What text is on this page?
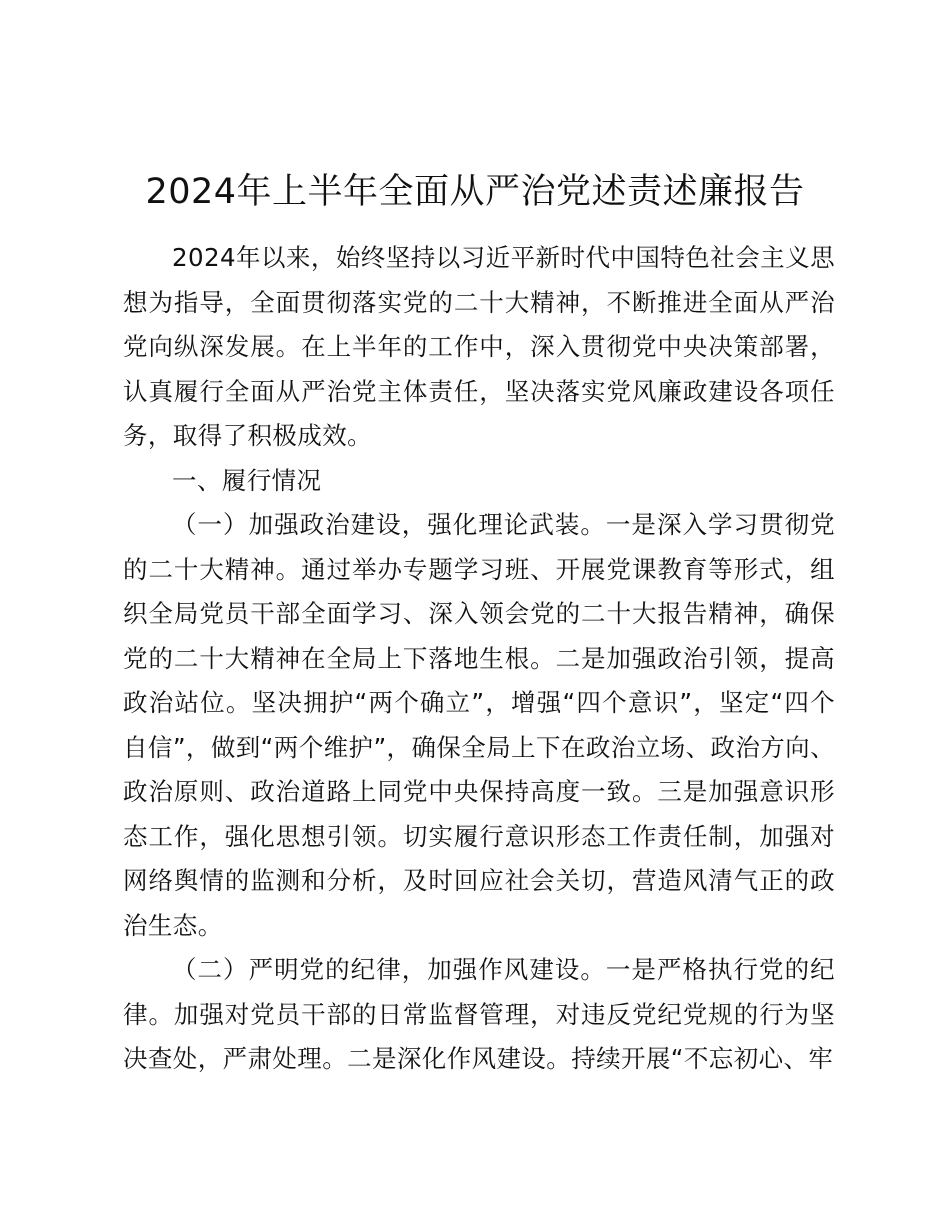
2024年上半年全面从严治党述责述廉报告

2024年以来，始终坚持以习近平新时代中国特色社会主义思想为指导，全面贯彻落实党的二十大精神，不断推进全面从严治党向纵深发展。在上半年的工作中，深入贯彻党中央决策部署，认真履行全面从严治党主体责任，坚决落实党风廉政建设各项任务，取得了积极成效。

一、履行情况

（一）加强政治建设，强化理论武装。一是深入学习贯彻党的二十大精神。通过举办专题学习班、开展党课教育等形式，组织全局党员干部全面学习、深入领会党的二十大报告精神，确保党的二十大精神在全局上下落地生根。二是加强政治引领，提高政治站位。坚决拥护“两个确立”，增强“四个意识”，坚定“四个自信”，做到“两个维护”，确保全局上下在政治立场、政治方向、政治原则、政治道路上同党中央保持高度一致。三是加强意识形态工作，强化思想引领。切实履行意识形态工作责任制，加强对网络舆情的监测和分析，及时回应社会关切，营造风清气正的政治生态。

（二）严明党的纪律，加强作风建设。一是严格执行党的纪律。加强对党员干部的日常监督管理，对违反党纪党规的行为坚决查处，严肃处理。二是深化作风建设。持续开展“不忘初心、牢
